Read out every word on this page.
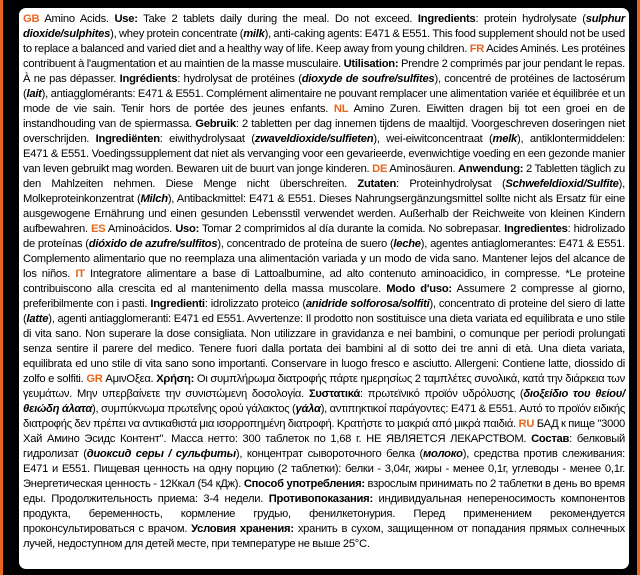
GB Amino Acids. Use: Take 2 tablets daily during the meal. Do not exceed. Ingredients: protein hydrolysate (sulphur dioxide/sulphites), whey protein concentrate (milk), anti-caking agents: E471 & E551. This food supplement should not be used to replace a balanced and varied diet and a healthy way of life. Keep away from young children. FR Acides Aminés. Les protéines contribuent à l'augmentation et au maintien de la masse musculaire. Utilisation: Prendre 2 comprimés par jour pendant le repas. À ne pas dépasser. Ingrédients: hydrolysat de protéines (dioxyde de soufre/sulfites), concentré de protéines de lactosérum (lait), antiagglomérants: E471 & E551. Complément alimentaire ne pouvant remplacer une alimentation variée et équilibrée et un mode de vie sain. Tenir hors de portée des jeunes enfants. NL Amino Zuren. Eiwitten dragen bij tot een groei en de instandhouding van de spiermassa. Gebruik: 2 tabletten per dag innemen tijdens de maaltijd. Voorgeschreven doseringen niet overschrijden. Ingrediënten: eiwithydrolysaat (zwaveldioxide/sulfieten), wei-eiwitconcentraat (melk), antiklontermiddelen: E471 & E551. Voedingssupplement dat niet als vervanging voor een gevarieerde, evenwichtige voeding en een gezonde manier van leven gebruikt mag worden. Bewaren uit de buurt van jonge kinderen. DE Aminosäuren. Anwendung: 2 Tabletten täglich zu den Mahlzeiten nehmen. Diese Menge nicht überschreiten. Zutaten: Proteinhydrolysat (Schwefeldioxid/Sulfite), Molkeproteinkonzentrat (Milch), Antibackmittel: E471 & E551. Dieses Nahrungsergänzungsmittel sollte nicht als Ersatz für eine ausgewogene Ernährung und einen gesunden Lebensstil verwendet werden. Außerhalb der Reichweite von kleinen Kindern aufbewahren. ES Aminoácidos. Uso: Tomar 2 comprimidos al día durante la comida. No sobrepasar. Ingredientes: hidrolizado de proteínas (dióxido de azufre/sulfitos), concentrado de proteína de suero (leche), agentes antiaglomerantes: E471 & E551. Complemento alimentario que no reemplaza una alimentación variada y un modo de vida sano. Mantener lejos del alcance de los niños. IT Integratore alimentare a base di Lattoalbumine, ad alto contenuto aminoacidico, in compresse. *Le proteine contribuiscono alla crescita ed al mantenimento della massa muscolare. Modo d'uso: Assumere 2 compresse al giorno, preferibilmente con i pasti. Ingredienti: idrolizzato proteico (anidride solforosa/solfiti), concentrato di proteine del siero di latte (latte), agenti antiagglomeranti: E471 ed E551. Avvertenze: Il prodotto non sostituisce una dieta variata ed equilibrata e uno stile di vita sano. Non superare la dose consigliata. Non utilizzare in gravidanza e nei bambini, o comunque per periodi prolungati senza sentire il parere del medico. Tenere fuori dalla portata dei bambini al di sotto dei tre anni di età. Una dieta variata, equilibrata ed uno stile di vita sano sono importanti. Conservare in luogo fresco e asciutto. Allergeni: Contiene latte, diossido di zolfo e solfiti. GR ΑμινΟξεα. Χρήση: Οι συμπλήρωμα διατροφής πάρτε ημερησίως 2 ταμπλέτες συνολικά, κατά την διάρκεια των γευμάτων. Μην υπερβαίνετε την συνιστώμενη δοσολογία. Συστατικά: πρωτεϊνικό προϊόν υδρόλυσης (διοξείδιο του θείου/θειώδη άλατα), συμπύκνωμα πρωτεΐνης ορού γάλακτος (γάλα), αντιπηκτικοί παράγοντες: E471 & E551. Αυτό το προϊόν ειδικής διατροφής δεν πρέπει να αντικαθιστά μια ισορροπημένη διατροφή. Κρατήστε το μακριά από μικρά παιδιά. RU БАД к пище "3000 Хай Амино Эсидс Контент". Масса нетто: 300 таблеток по 1,68 г. НЕ ЯВЛЯЕТСЯ ЛЕКАРСТВОМ. Состав: белковый гидролизат (диоксид серы / сульфиты), концентрат сывороточного белка (молоко), средства против слеживания: E471 и E551. Пищевая ценность на одну порцию (2 таблетки): белки - 3,04г, жиры - менее 0,1г, углеводы - менее 0,1г. Энергетическая ценность - 12Ккал (54 кДж). Способ употребления: взрослым принимать по 2 таблетки в день во время еды. Продолжительность приема: 3-4 недели. Противопоказания: индивидуальная непереносимость компонентов продукта, беременность, кормление грудью, фенилкетонурия. Перед применением рекомендуется проконсультироваться с врачом. Условия хранения: хранить в сухом, защищенном от попадания прямых солнечных лучей, недоступном для детей месте, при температуре не выше 25°С.
